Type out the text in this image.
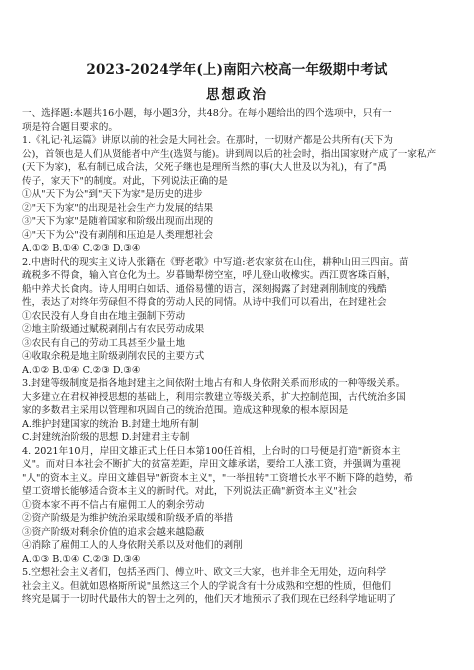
2023-2024学年(上)南阳六校高一年级期中考试
思想政治

一、选择题:本题共16小题，每小题3分，共48分。在每小题给出的四个选项中，只有一

项是符合题目要求的。

1.《礼记·礼运篇》讲原以前的社会是大同社会。在那时，一切财产都是公共所有(天下为

公)，首领也是人们从贤能者中产生(选贤与能)。讲到周以后的社会时，指出国家财产成了一家私产

(天下为家)，私有制已成合法，父死子继也是理所当然的事(大人世及以为礼)，有了"禹

传子，家天下"的制度。对此，下列说法正确的是

①从"天下为公"到"天下为家"是历史的进步

②"天下为家"的出现是社会生产力发展的结果

③"天下为家"是随着国家和阶级出现而出现的

④"天下为公"没有剥削和压迫是人类理想社会

A.①② B.①④ C.②③ D.③④

2.中唐时代的现实主义诗人张籍在《野老歌》中写道:老农家贫在山住，耕种山田三四亩。苗

疏税多不得食，输入官仓化为土。岁暮锄犁傍空室，呼儿登山收橡实。西江贾客珠百斛，

船中养犬长食肉。诗人用明白如话、通俗易懂的语言，深刻揭露了封建剥削制度的残酷

性，表达了对终年劳碌但不得食的劳动人民的同情。从诗中我们可以看出，在封建社会

①农民没有人身自由在地主强制下劳动

②地主阶级通过赋税剥削占有农民劳动成果

③农民有自己的劳动工具甚至少量土地

④收取余税是地主阶级剥削农民的主要方式

A.①② B.①④ C.②③ D.③④

3.封建等级制度是指各地封建主之间依附土地占有和人身依附关系而形成的一种等级关系。

大多建立在君权神授思想的基础上，利用宗教建立等级关系，扩大控制范围，古代统治多国

家的多数君主采用以管理和巩固自己的统治范围。造成这种现象的根本原因是

A.维护封建国家的统治 B.封建土地所有制

C.封建统治阶级的思想 D.封建君主专制

4. 2021年10月，岸田文雄正式上任日本第100任首相，上台时的口号便是打造"新资本主

义"。而对日本社会不断扩大的贫富差距，岸田文雄承诺，要给工人涨工资，并强调为重视

"人"的资本主义。岸田文雄倡导"新资本主义"，"一举扭转"工资增长水平不断下降的趋势，希

望工资增长能够适合资本主义的新时代。对此，下列说法正确"新资本主义"社会

①资本家不再不信占有雇佣工人的剩余劳动

②资产阶级是为维护统治采取缓和阶级矛盾的举措

③资产阶级对剩余价值的追求会越来越隐蔽

④消除了雇佣工人的人身依附关系以及对他们的剥削

A.①③ B.①④ C.②③ D.③④

5.空想社会主义者们，包括圣西门、傅立叶、欧文三大家，也并非全无用处，迈向科学

社会主义。但就如恩格斯所说"虽然这三个人的学说含有十分成熟和空想的性质，但他们

终究是属于一切时代最伟大的智士之列的，他们天才地预示了我们现在已经科学地证明了
